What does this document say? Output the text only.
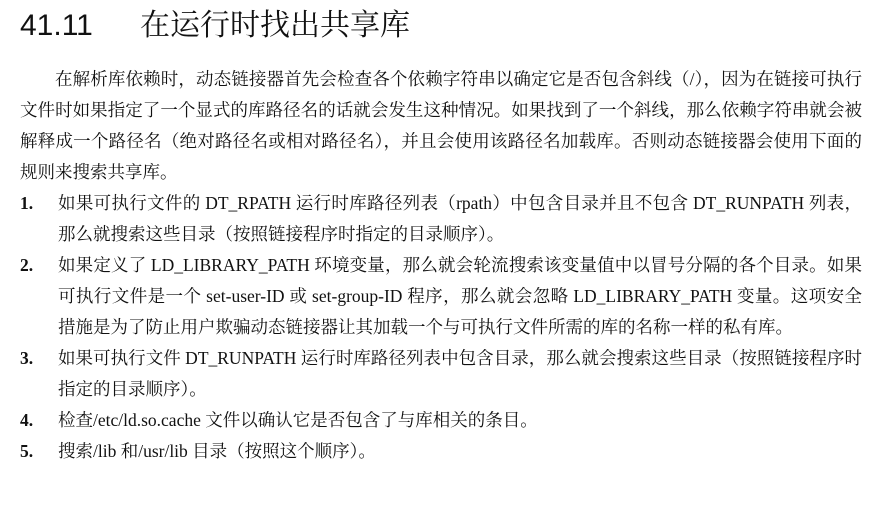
41.11 在运行时找出共享库

在解析库依赖时，动态链接器首先会检查各个依赖字符串以确定它是否包含斜线（/），因为在链接可执行文件时如果指定了一个显式的库路径名的话就会发生这种情况。如果找到了一个斜线，那么依赖字符串就会被解释成一个路径名（绝对路径名或相对路径名），并且会使用该路径名加载库。否则动态链接器会使用下面的规则来搜索共享库。

1. 如果可执行文件的 DT_RPATH 运行时库路径列表（rpath）中包含目录并且不包含 DT_RUNPATH 列表，那么就搜索这些目录（按照链接程序时指定的目录顺序）。
2. 如果定义了 LD_LIBRARY_PATH 环境变量，那么就会轮流搜索该变量值中以冒号分隔的各个目录。如果可执行文件是一个 set-user-ID 或 set-group-ID 程序，那么就会忽略 LD_LIBRARY_PATH 变量。这项安全措施是为了防止用户欺骗动态链接器让其加载一个与可执行文件所需的库的名称一样的私有库。
3. 如果可执行文件 DT_RUNPATH 运行时库路径列表中包含目录，那么就会搜索这些目录（按照链接程序时指定的目录顺序）。
4. 检查/etc/ld.so.cache 文件以确认它是否包含了与库相关的条目。
5. 搜索/lib 和/usr/lib 目录（按照这个顺序）。
